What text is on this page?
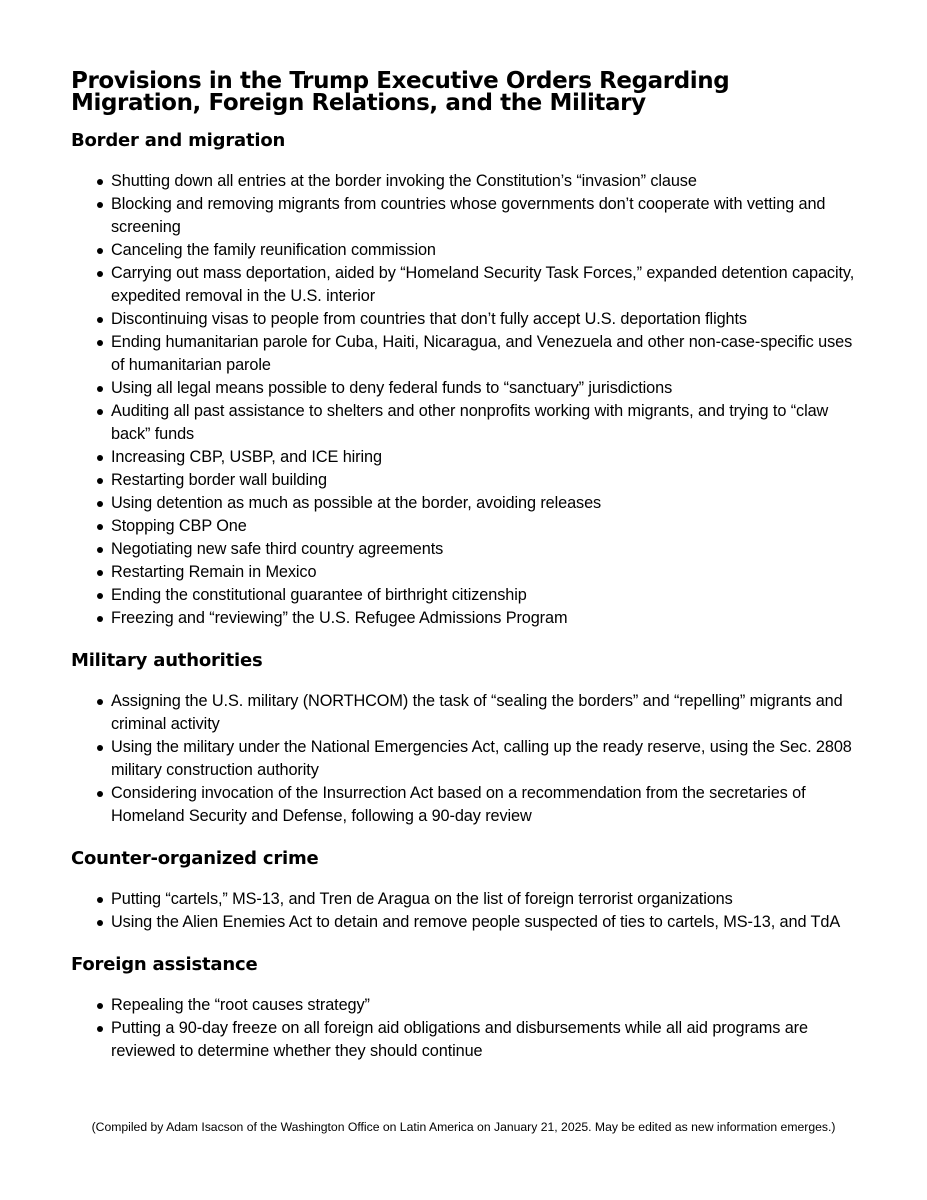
Provisions in the Trump Executive Orders Regarding Migration, Foreign Relations, and the Military
Border and migration
Shutting down all entries at the border invoking the Constitution’s “invasion” clause
Blocking and removing migrants from countries whose governments don’t cooperate with vetting and screening
Canceling the family reunification commission
Carrying out mass deportation, aided by “Homeland Security Task Forces,” expanded detention capacity, expedited removal in the U.S. interior
Discontinuing visas to people from countries that don’t fully accept U.S. deportation flights
Ending humanitarian parole for Cuba, Haiti, Nicaragua, and Venezuela and other non-case-specific uses of humanitarian parole
Using all legal means possible to deny federal funds to “sanctuary” jurisdictions
Auditing all past assistance to shelters and other nonprofits working with migrants, and trying to “claw back” funds
Increasing CBP, USBP, and ICE hiring
Restarting border wall building
Using detention as much as possible at the border, avoiding releases
Stopping CBP One
Negotiating new safe third country agreements
Restarting Remain in Mexico
Ending the constitutional guarantee of birthright citizenship
Freezing and “reviewing” the U.S. Refugee Admissions Program
Military authorities
Assigning the U.S. military (NORTHCOM) the task of “sealing the borders” and “repelling” migrants and criminal activity
Using the military under the National Emergencies Act, calling up the ready reserve, using the Sec. 2808 military construction authority
Considering invocation of the Insurrection Act based on a recommendation from the secretaries of Homeland Security and Defense, following a 90-day review
Counter-organized crime
Putting “cartels,” MS-13, and Tren de Aragua on the list of foreign terrorist organizations
Using the Alien Enemies Act to detain and remove people suspected of ties to cartels, MS-13, and TdA
Foreign assistance
Repealing the “root causes strategy”
Putting a 90-day freeze on all foreign aid obligations and disbursements while all aid programs are reviewed to determine whether they should continue

(Compiled by Adam Isacson of the Washington Office on Latin America on January 21, 2025. May be edited as new information emerges.)
